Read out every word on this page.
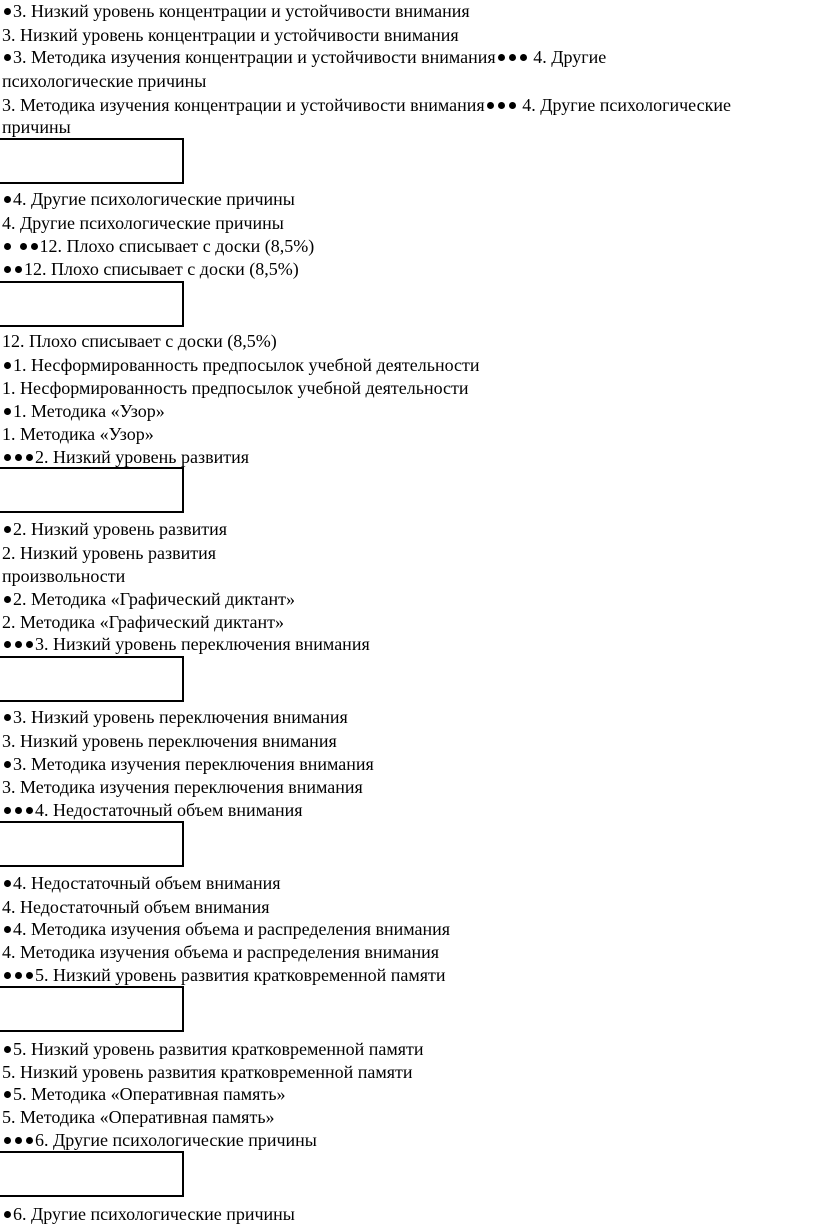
3. Низкий уровень концентрации и устойчивости внимания
3. Низкий уровень концентрации и устойчивости внимания
3. Методика изучения концентрации и устойчивости внимания 4. Другие
психологические причины
3. Методика изучения концентрации и устойчивости внимания 4. Другие психологические
причины
4. Другие психологические причины
4. Другие психологические причины
12. Плохо списывает с доски (8,5%)
12. Плохо списывает с доски (8,5%)
12. Плохо списывает с доски (8,5%)
1. Несформированность предпосылок учебной деятельности
1. Несформированность предпосылок учебной деятельности
1. Методика «Узор»
1. Методика «Узор»
2. Низкий уровень развития
2. Низкий уровень развития
2. Низкий уровень развития
произвольности
2. Методика «Графический диктант»
2. Методика «Графический диктант»
3. Низкий уровень переключения внимания
3. Низкий уровень переключения внимания
3. Низкий уровень переключения внимания
3. Методика изучения переключения внимания
3. Методика изучения переключения внимания
4. Недостаточный объем внимания
4. Недостаточный объем внимания
4. Недостаточный объем внимания
4. Методика изучения объема и распределения внимания
4. Методика изучения объема и распределения внимания
5. Низкий уровень развития кратковременной памяти
5. Низкий уровень развития кратковременной памяти
5. Низкий уровень развития кратковременной памяти
5. Методика «Оперативная память»
5. Методика «Оперативная память»
6. Другие психологические причины
6. Другие психологические причины
